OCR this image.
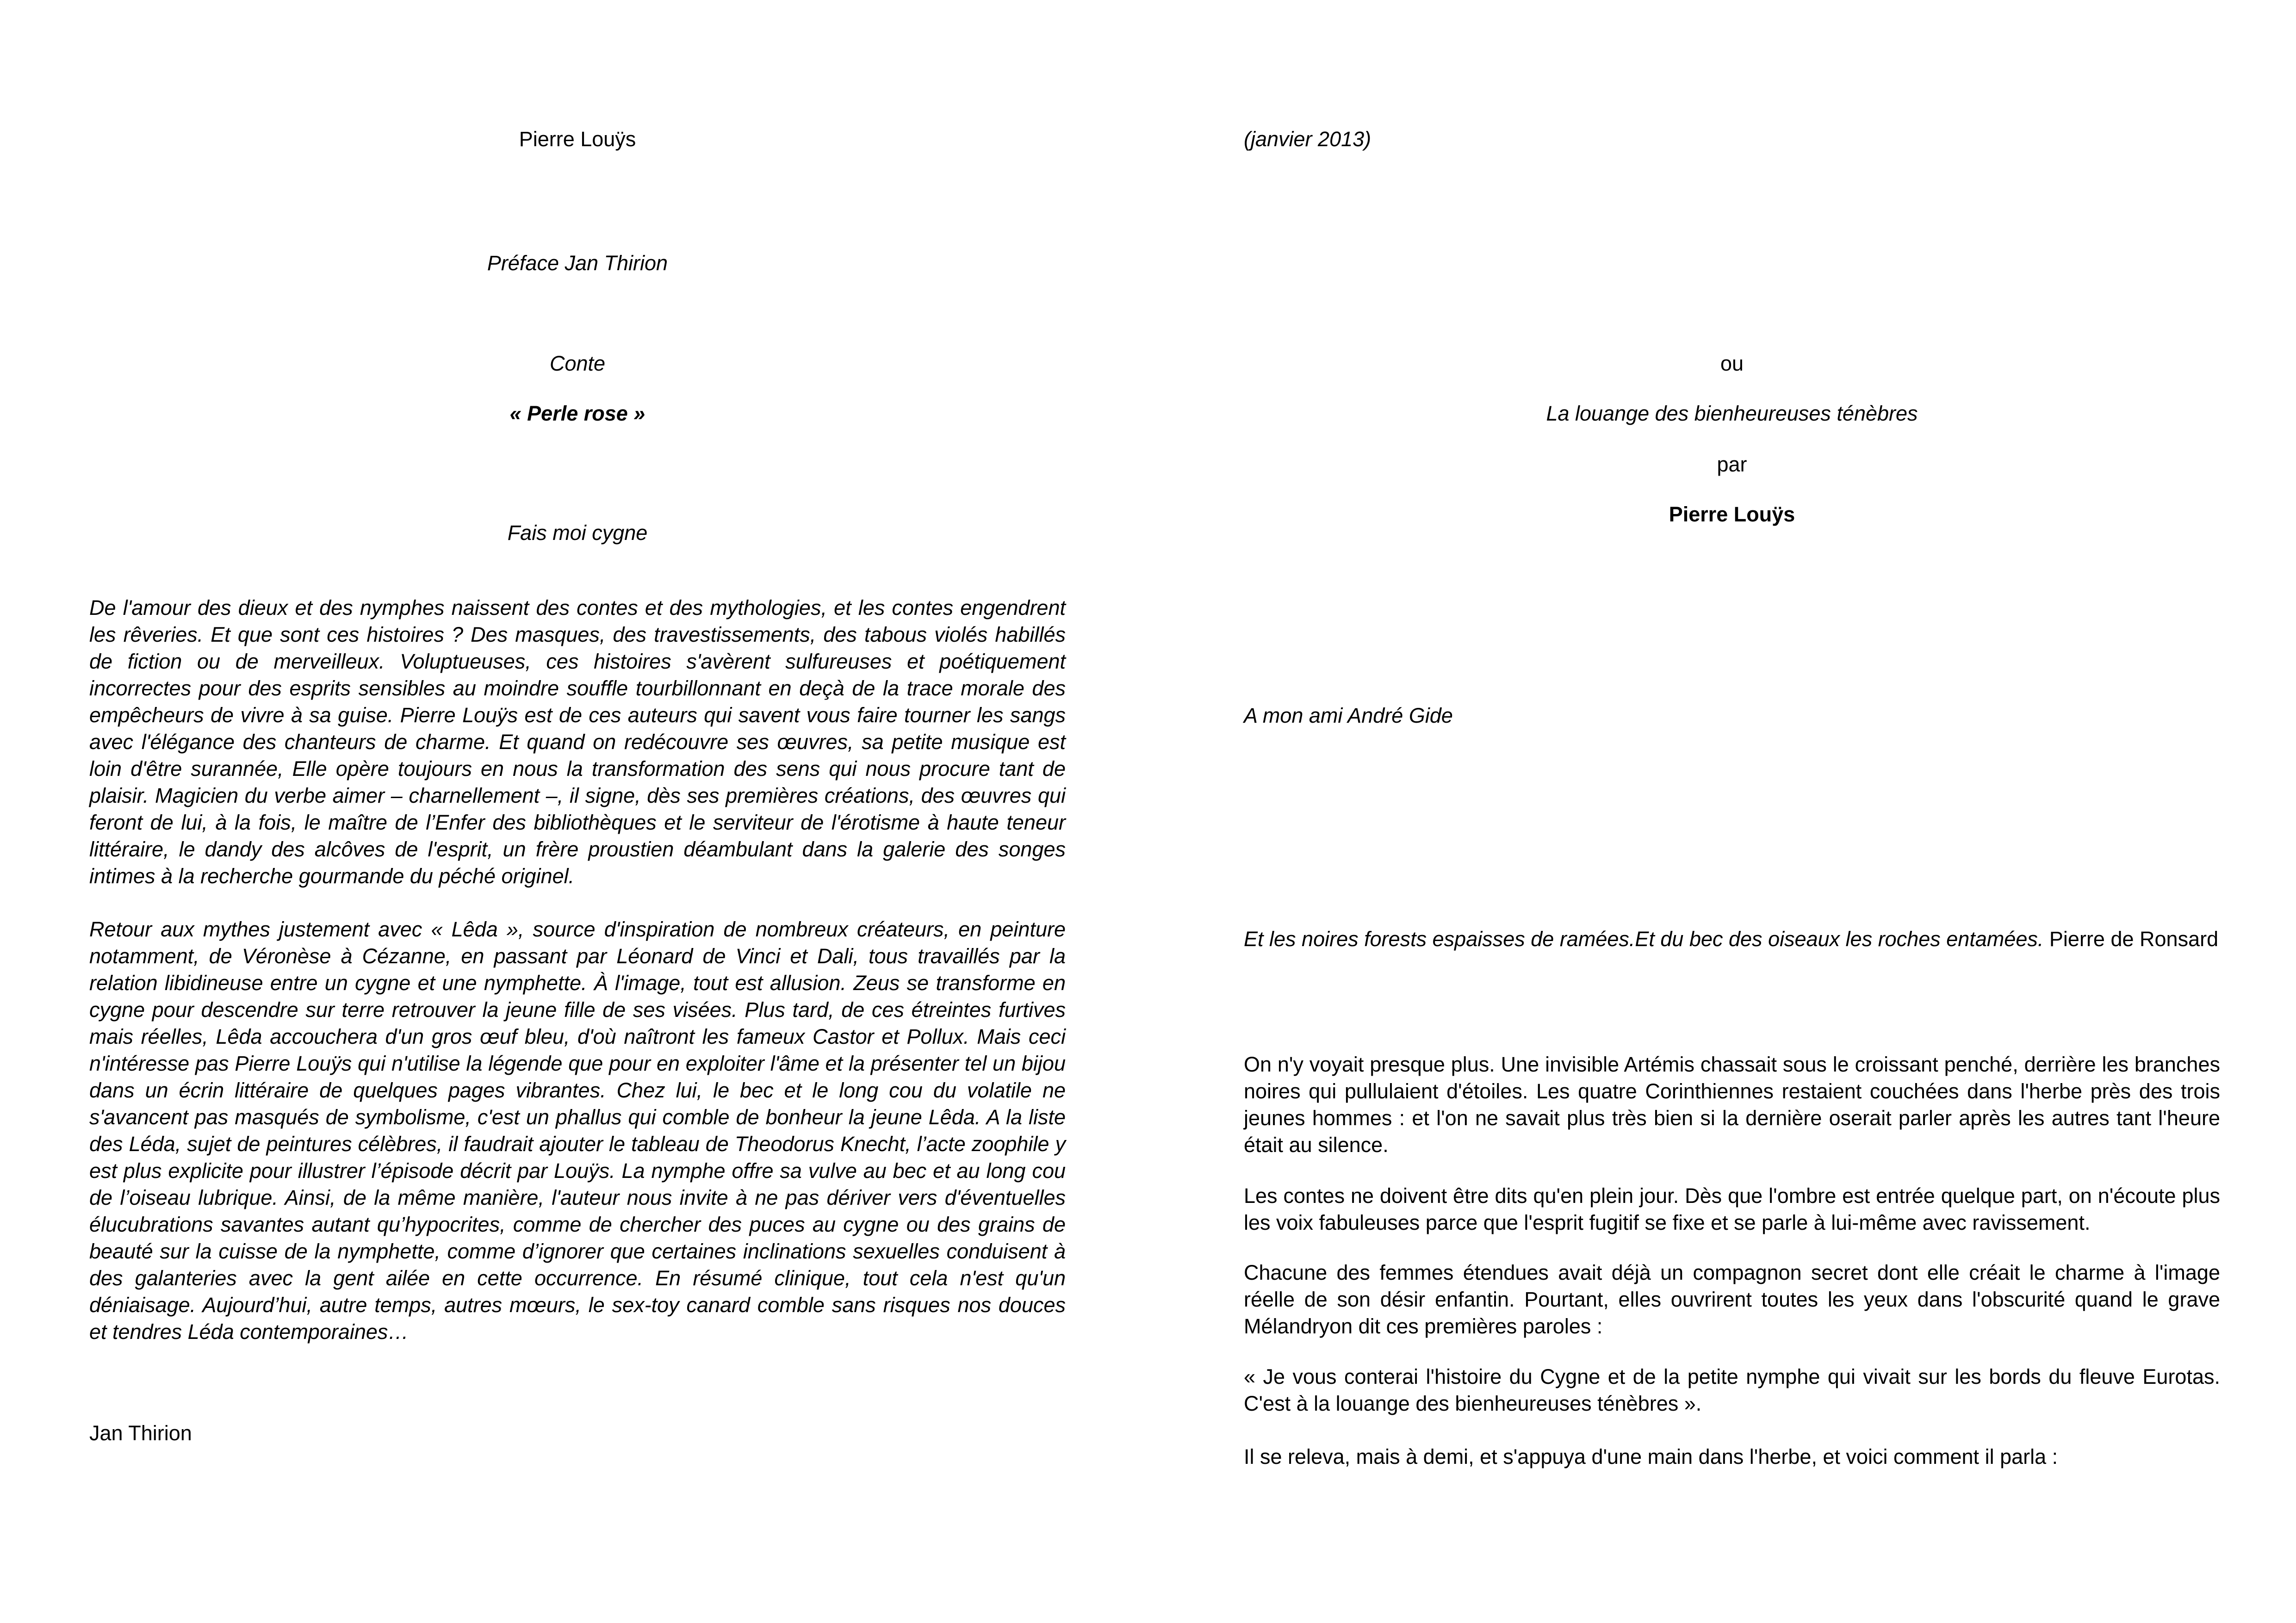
Pierre Louÿs
Préface Jan Thirion
Conte
« Perle rose »
Fais moi cygne

De l'amour des dieux et des nymphes naissent des contes et des mythologies, et les contes engendrent les rêveries. Et que sont ces histoires ? Des masques, des travestissements, des tabous violés habillés de fiction ou de merveilleux. Voluptueuses, ces histoires s'avèrent sulfureuses et poétiquement incorrectes pour des esprits sensibles au moindre souffle tourbillonnant en deçà de la trace morale des empêcheurs de vivre à sa guise. Pierre Louÿs est de ces auteurs qui savent vous faire tourner les sangs avec l'élégance des chanteurs de charme. Et quand on redécouvre ses œuvres, sa petite musique est loin d'être surannée, Elle opère toujours en nous la transformation des sens qui nous procure tant de plaisir. Magicien du verbe aimer – charnellement –, il signe, dès ses premières créations, des œuvres qui feront de lui, à la fois, le maître de l’Enfer des bibliothèques et le serviteur de l'érotisme à haute teneur littéraire, le dandy des alcôves de l'esprit, un frère proustien déambulant dans la galerie des songes intimes à la recherche gourmande du péché originel.

Retour aux mythes justement avec « Lêda », source d'inspiration de nombreux créateurs, en peinture notamment, de Véronèse à Cézanne, en passant par Léonard de Vinci et Dali, tous travaillés par la relation libidineuse entre un cygne et une nymphette. À l'image, tout est allusion. Zeus se transforme en cygne pour descendre sur terre retrouver la jeune fille de ses visées. Plus tard, de ces étreintes furtives mais réelles, Lêda accouchera d'un gros œuf bleu, d'où naîtront les fameux Castor et Pollux. Mais ceci n'intéresse pas Pierre Louÿs qui n'utilise la légende que pour en exploiter l'âme et la présenter tel un bijou dans un écrin littéraire de quelques pages vibrantes. Chez lui, le bec et le long cou du volatile ne s'avancent pas masqués de symbolisme, c'est un phallus qui comble de bonheur la jeune Lêda. A la liste des Léda, sujet de peintures célèbres, il faudrait ajouter le tableau de Theodorus Knecht, l’acte zoophile y est plus explicite pour illustrer l’épisode décrit par Louÿs. La nymphe offre sa vulve au bec et au long cou de l’oiseau lubrique. Ainsi, de la même manière, l'auteur nous invite à ne pas dériver vers d'éventuelles élucubrations savantes autant qu’hypocrites, comme de chercher des puces au cygne ou des grains de beauté sur la cuisse de la nymphette, comme d’ignorer que certaines inclinations sexuelles conduisent à des galanteries avec la gent ailée en cette occurrence. En résumé clinique, tout cela n'est qu'un déniaisage. Aujourd’hui, autre temps, autres mœurs, le sex-toy canard comble sans risques nos douces et tendres Léda contemporaines…

Jan Thirion
(janvier 2013)
ou
La louange des bienheureuses ténèbres
par
Pierre Louÿs
A mon ami André Gide

Et les noires forests espaisses de ramées.Et du bec des oiseaux les roches entamées. Pierre de Ronsard

On n'y voyait presque plus. Une invisible Artémis chassait sous le croissant penché, derrière les branches noires qui pullulaient d'étoiles. Les quatre Corinthiennes restaient couchées dans l'herbe près des trois jeunes hommes : et l'on ne savait plus très bien si la dernière oserait parler après les autres tant l'heure était au silence.

Les contes ne doivent être dits qu'en plein jour. Dès que l'ombre est entrée quelque part, on n'écoute plus les voix fabuleuses parce que l'esprit fugitif se fixe et se parle à lui-même avec ravissement.

Chacune des femmes étendues avait déjà un compagnon secret dont elle créait le charme à l'image réelle de son désir enfantin. Pourtant, elles ouvrirent toutes les yeux dans l'obscurité quand le grave Mélandryon dit ces premières paroles :

« Je vous conterai l'histoire du Cygne et de la petite nymphe qui vivait sur les bords du fleuve Eurotas. C'est à la louange des bienheureuses ténèbres ».

Il se releva, mais à demi, et s'appuya d'une main dans l'herbe, et voici comment il parla :
